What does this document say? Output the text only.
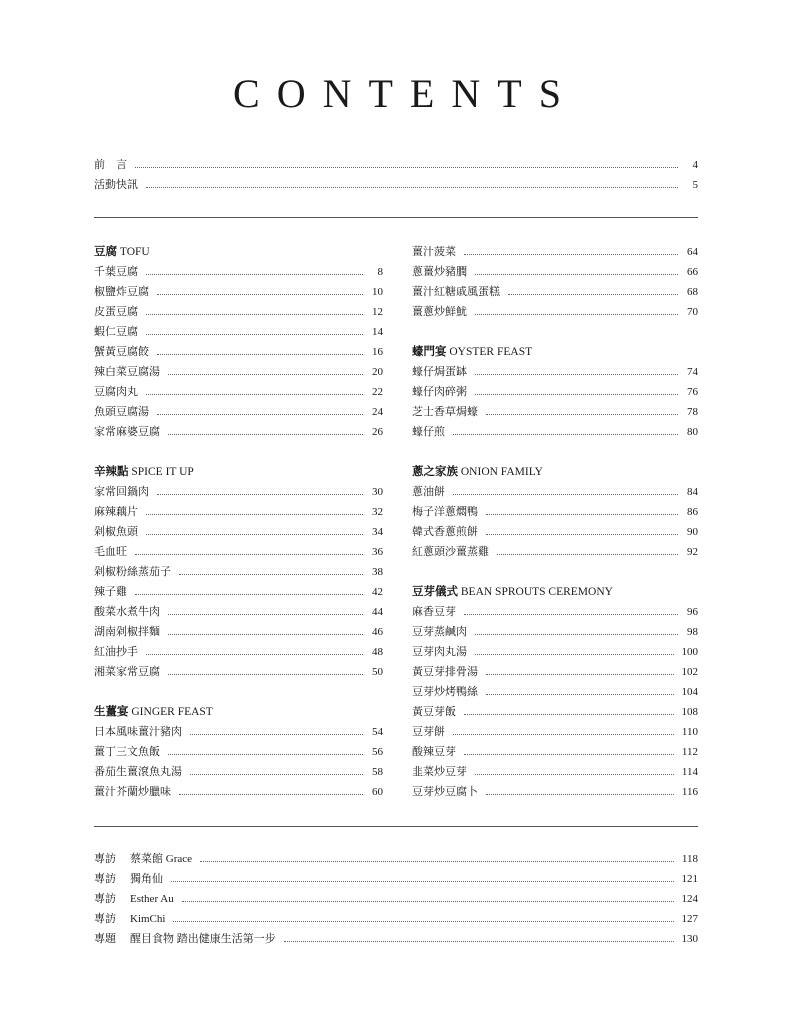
CONTENTS
前　言	4
活動快訊	5
豆腐 TOFU
千葉豆腐	8
椒鹽炸豆腐	10
皮蛋豆腐	12
蝦仁豆腐	14
蟹黃豆腐餃	16
辣白菜豆腐湯	20
豆腐肉丸	22
魚頭豆腐湯	24
家常麻婆豆腐	26
辛辣點 SPICE IT UP
家常回鍋肉	30
麻辣藕片	32
剁椒魚頭	34
毛血旺	36
剁椒粉絲蒸茄子	38
辣子雞	42
酸菜水煮牛肉	44
湖南剁椒拌麵	46
紅油抄手	48
湘菜家常豆腐	50
生薑宴 GINGER FEAST
日本風味薑汁豬肉	54
薑丁三文魚飯	56
番茄生薑滾魚丸湯	58
薑汁芥蘭炒臘味	60
薑汁菠菜	64
蔥薑炒豬膶	66
薑汁紅糖戚風蛋糕	68
薑蔥炒鮮魷	70
蠔門宴 OYSTER FEAST
蠔仔焗蛋缽	74
蠔仔肉碎粥	76
芝士香草焗蠔	78
蠔仔煎	80
蔥之家族 ONION FAMILY
蔥油餅	84
梅子洋蔥燜鴨	86
韓式香蔥煎餅	90
紅蔥頭沙薑蒸雞	92
豆芽儀式 BEAN SPROUTS CEREMONY
麻香豆芽	96
豆芽蒸鹹肉	98
豆芽肉丸湯	100
黃豆芽排骨湯	102
豆芽炒烤鴨絲	104
黃豆芽飯	108
豆芽餅	110
酸辣豆芽	112
韭菜炒豆芽	114
豆芽炒豆腐卜	116
專訪 蔡菜館 Grace	118
專訪 獨角仙	121
專訪 Esther Au	124
專訪 KimChi	127
專題 醒目食物 踏出健康生活第一步	130
